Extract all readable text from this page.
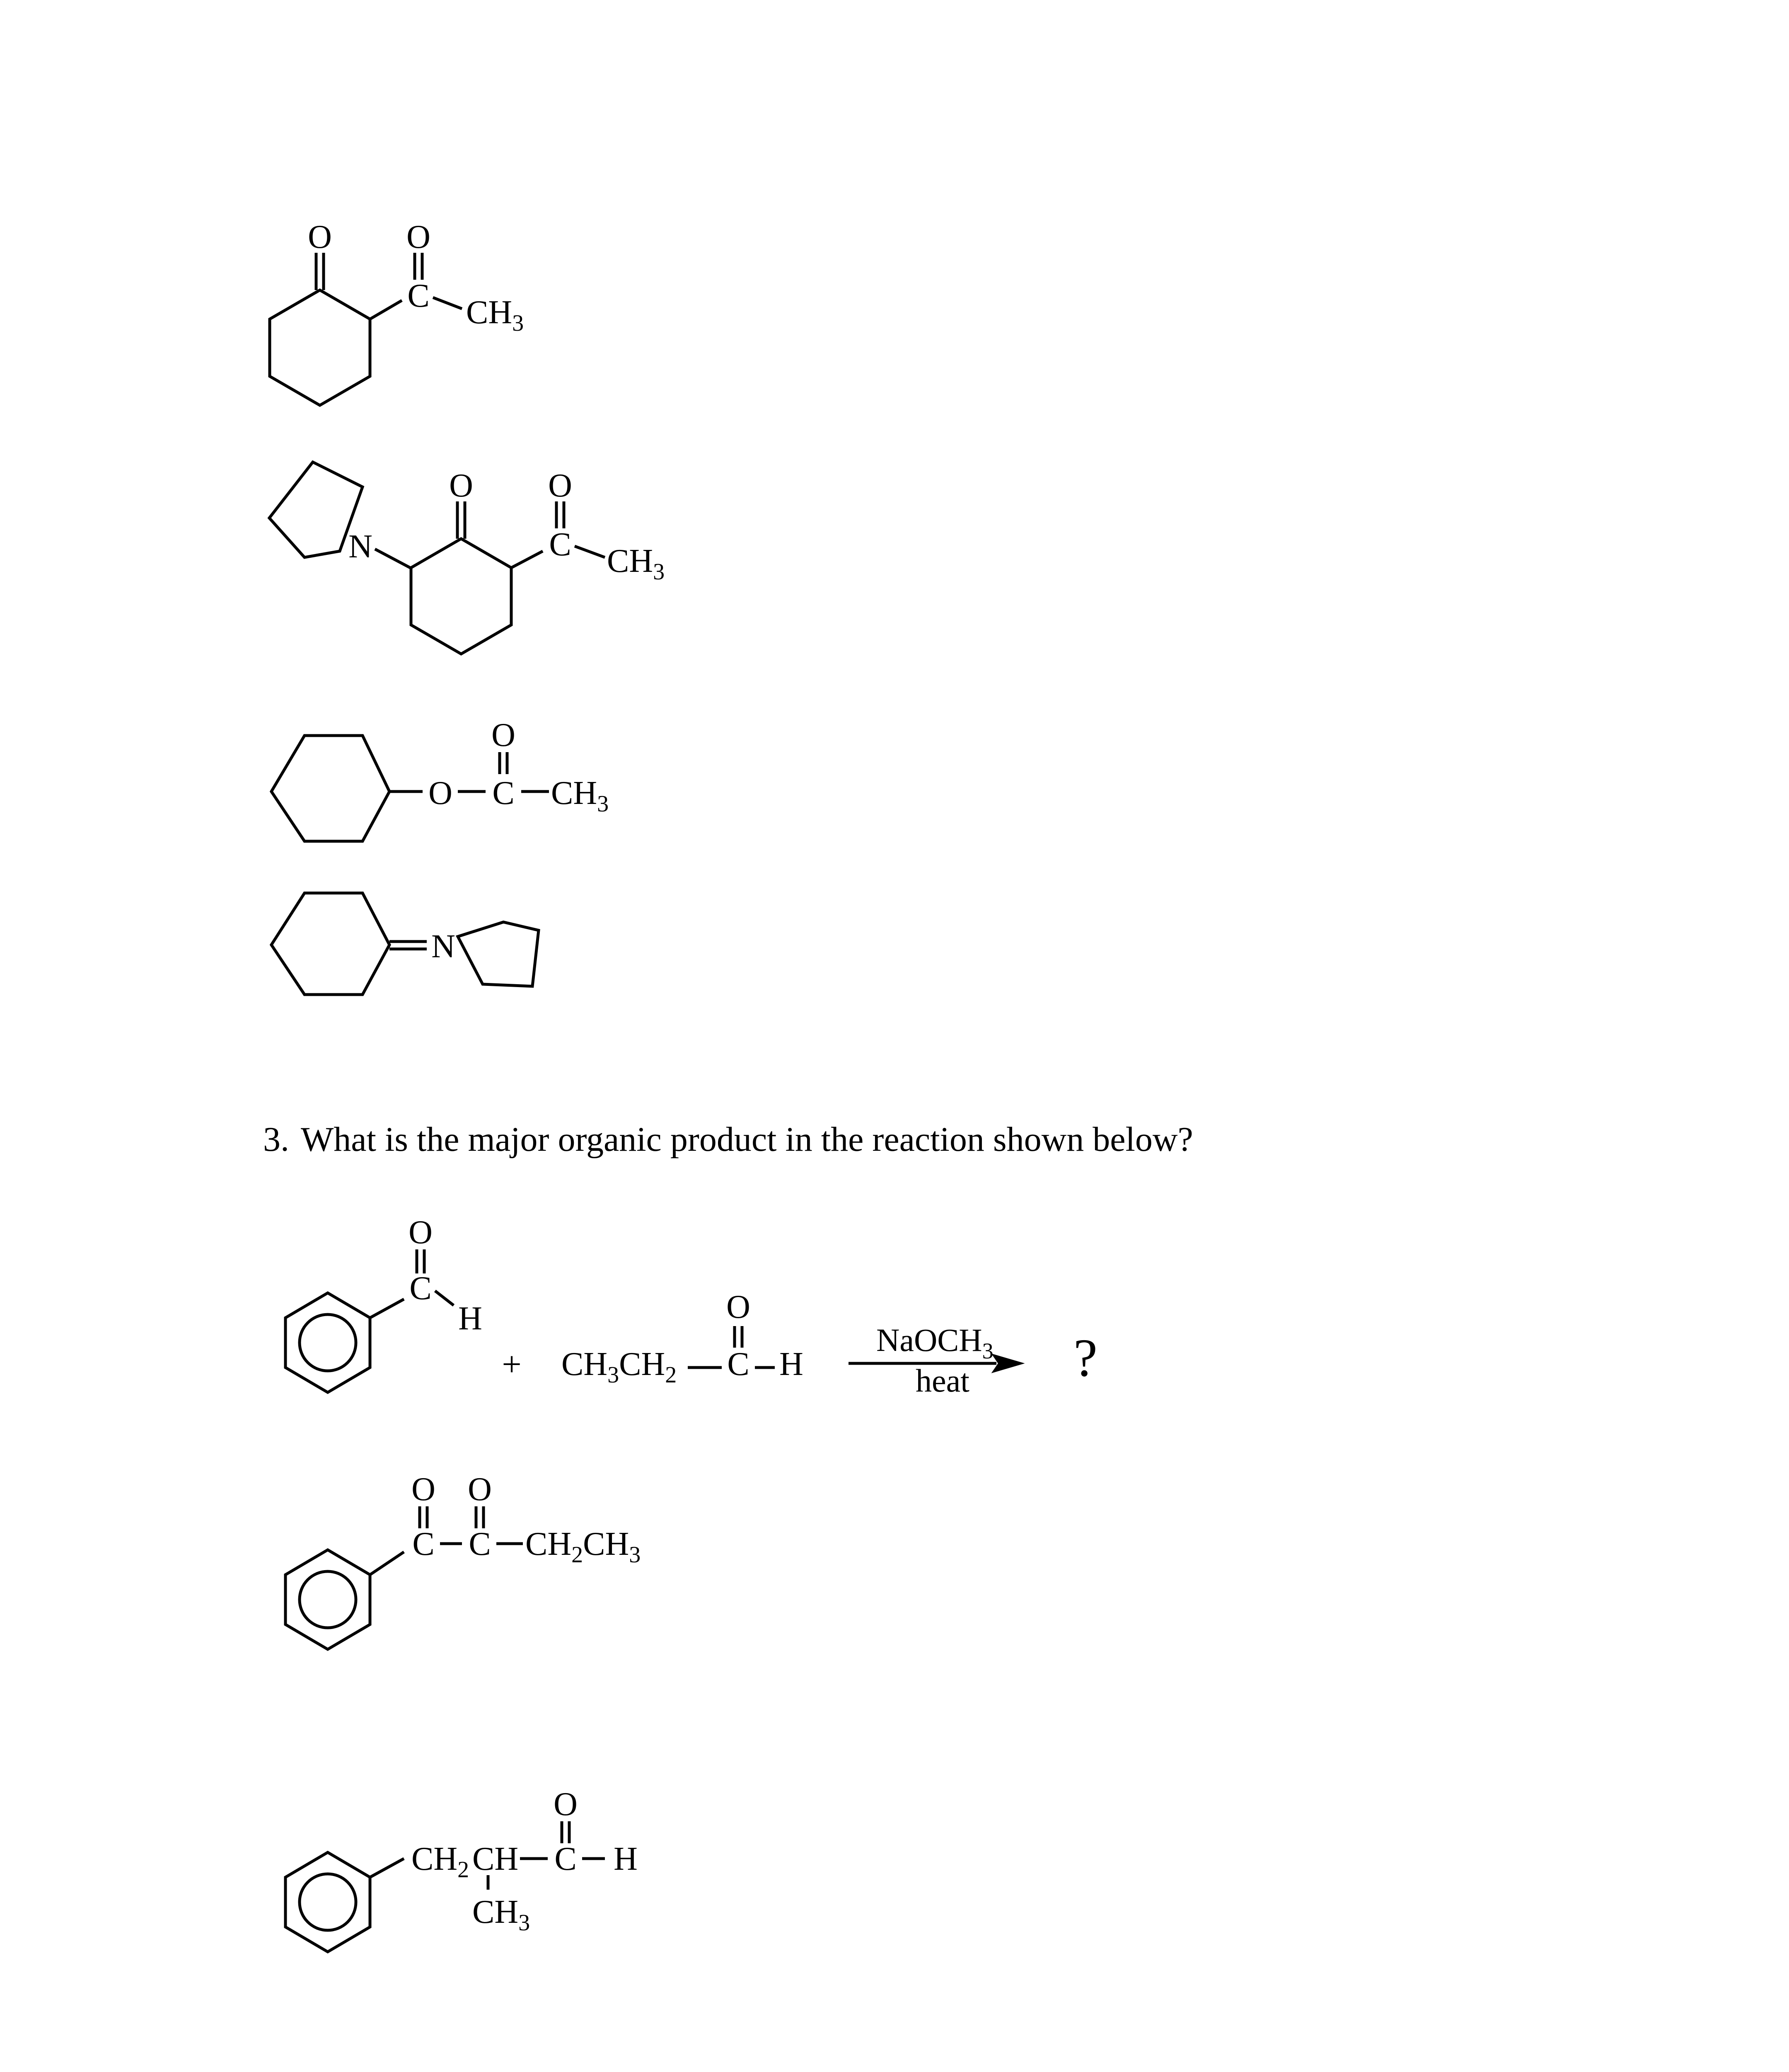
O
C
O
$CH_3$
N
O
C
O
$CH_3$
O C
O
$CH_3$
N
C
O
H
+ $CH_3CH_2$ C
O
H
NaOCH$_3$
heat ?
C
O
C
O
$CH_2CH_3$
$CH_2$ CH
$CH_3$
C
O
H
3. What is the major organic product in the reaction shown below?
